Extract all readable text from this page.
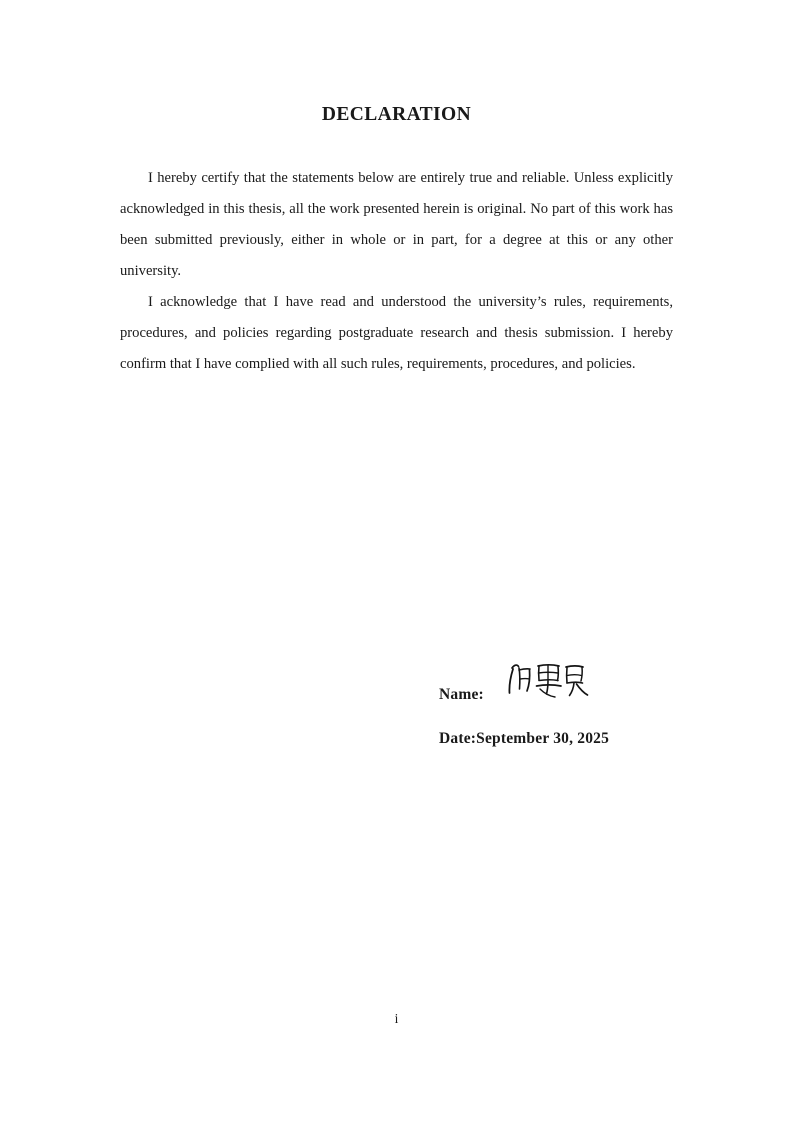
DECLARATION

I hereby certify that the statements below are entirely true and reliable. Unless explicitly acknowledged in this thesis, all the work presented herein is original. No part of this work has been submitted previously, either in whole or in part, for a degree at this or any other university.

I acknowledge that I have read and understood the university’s rules, requirements, procedures, and policies regarding postgraduate research and thesis submission. I hereby confirm that I have complied with all such rules, requirements, procedures, and policies.

Name:
Date:September 30, 2025
i
